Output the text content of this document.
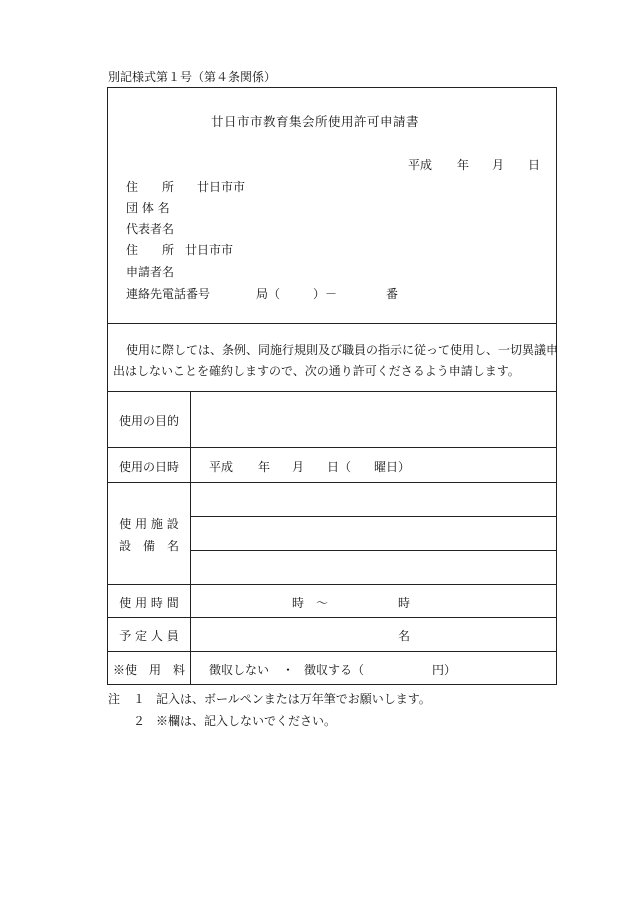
別記様式第１号（第４条関係）
廿日市市教育集会所使用許可申請書
平成 年 月 日
住　　所 廿日市市
団 体 名
代表者名
住　　所 廿日市市
申請者名
連絡先電話番号	局（	）－	番
使用に際しては、条例、同施行規則及び職員の指示に従って使用し、一切異議申
出はしないことを確約しますので、次の通り許可くださるよう申請します。
使用の目的
使用の日時	平成 年 月 日（ 曜日）
使 用 施 設
設　備　名
使 用 時 間	時　～	時
予 定 人 員	名
※使　用　料	徴収しない ・ 徴収する（	円）
注 １ 記入は、ボールペンまたは万年筆でお願いします。
２ ※欄は、記入しないでください。
